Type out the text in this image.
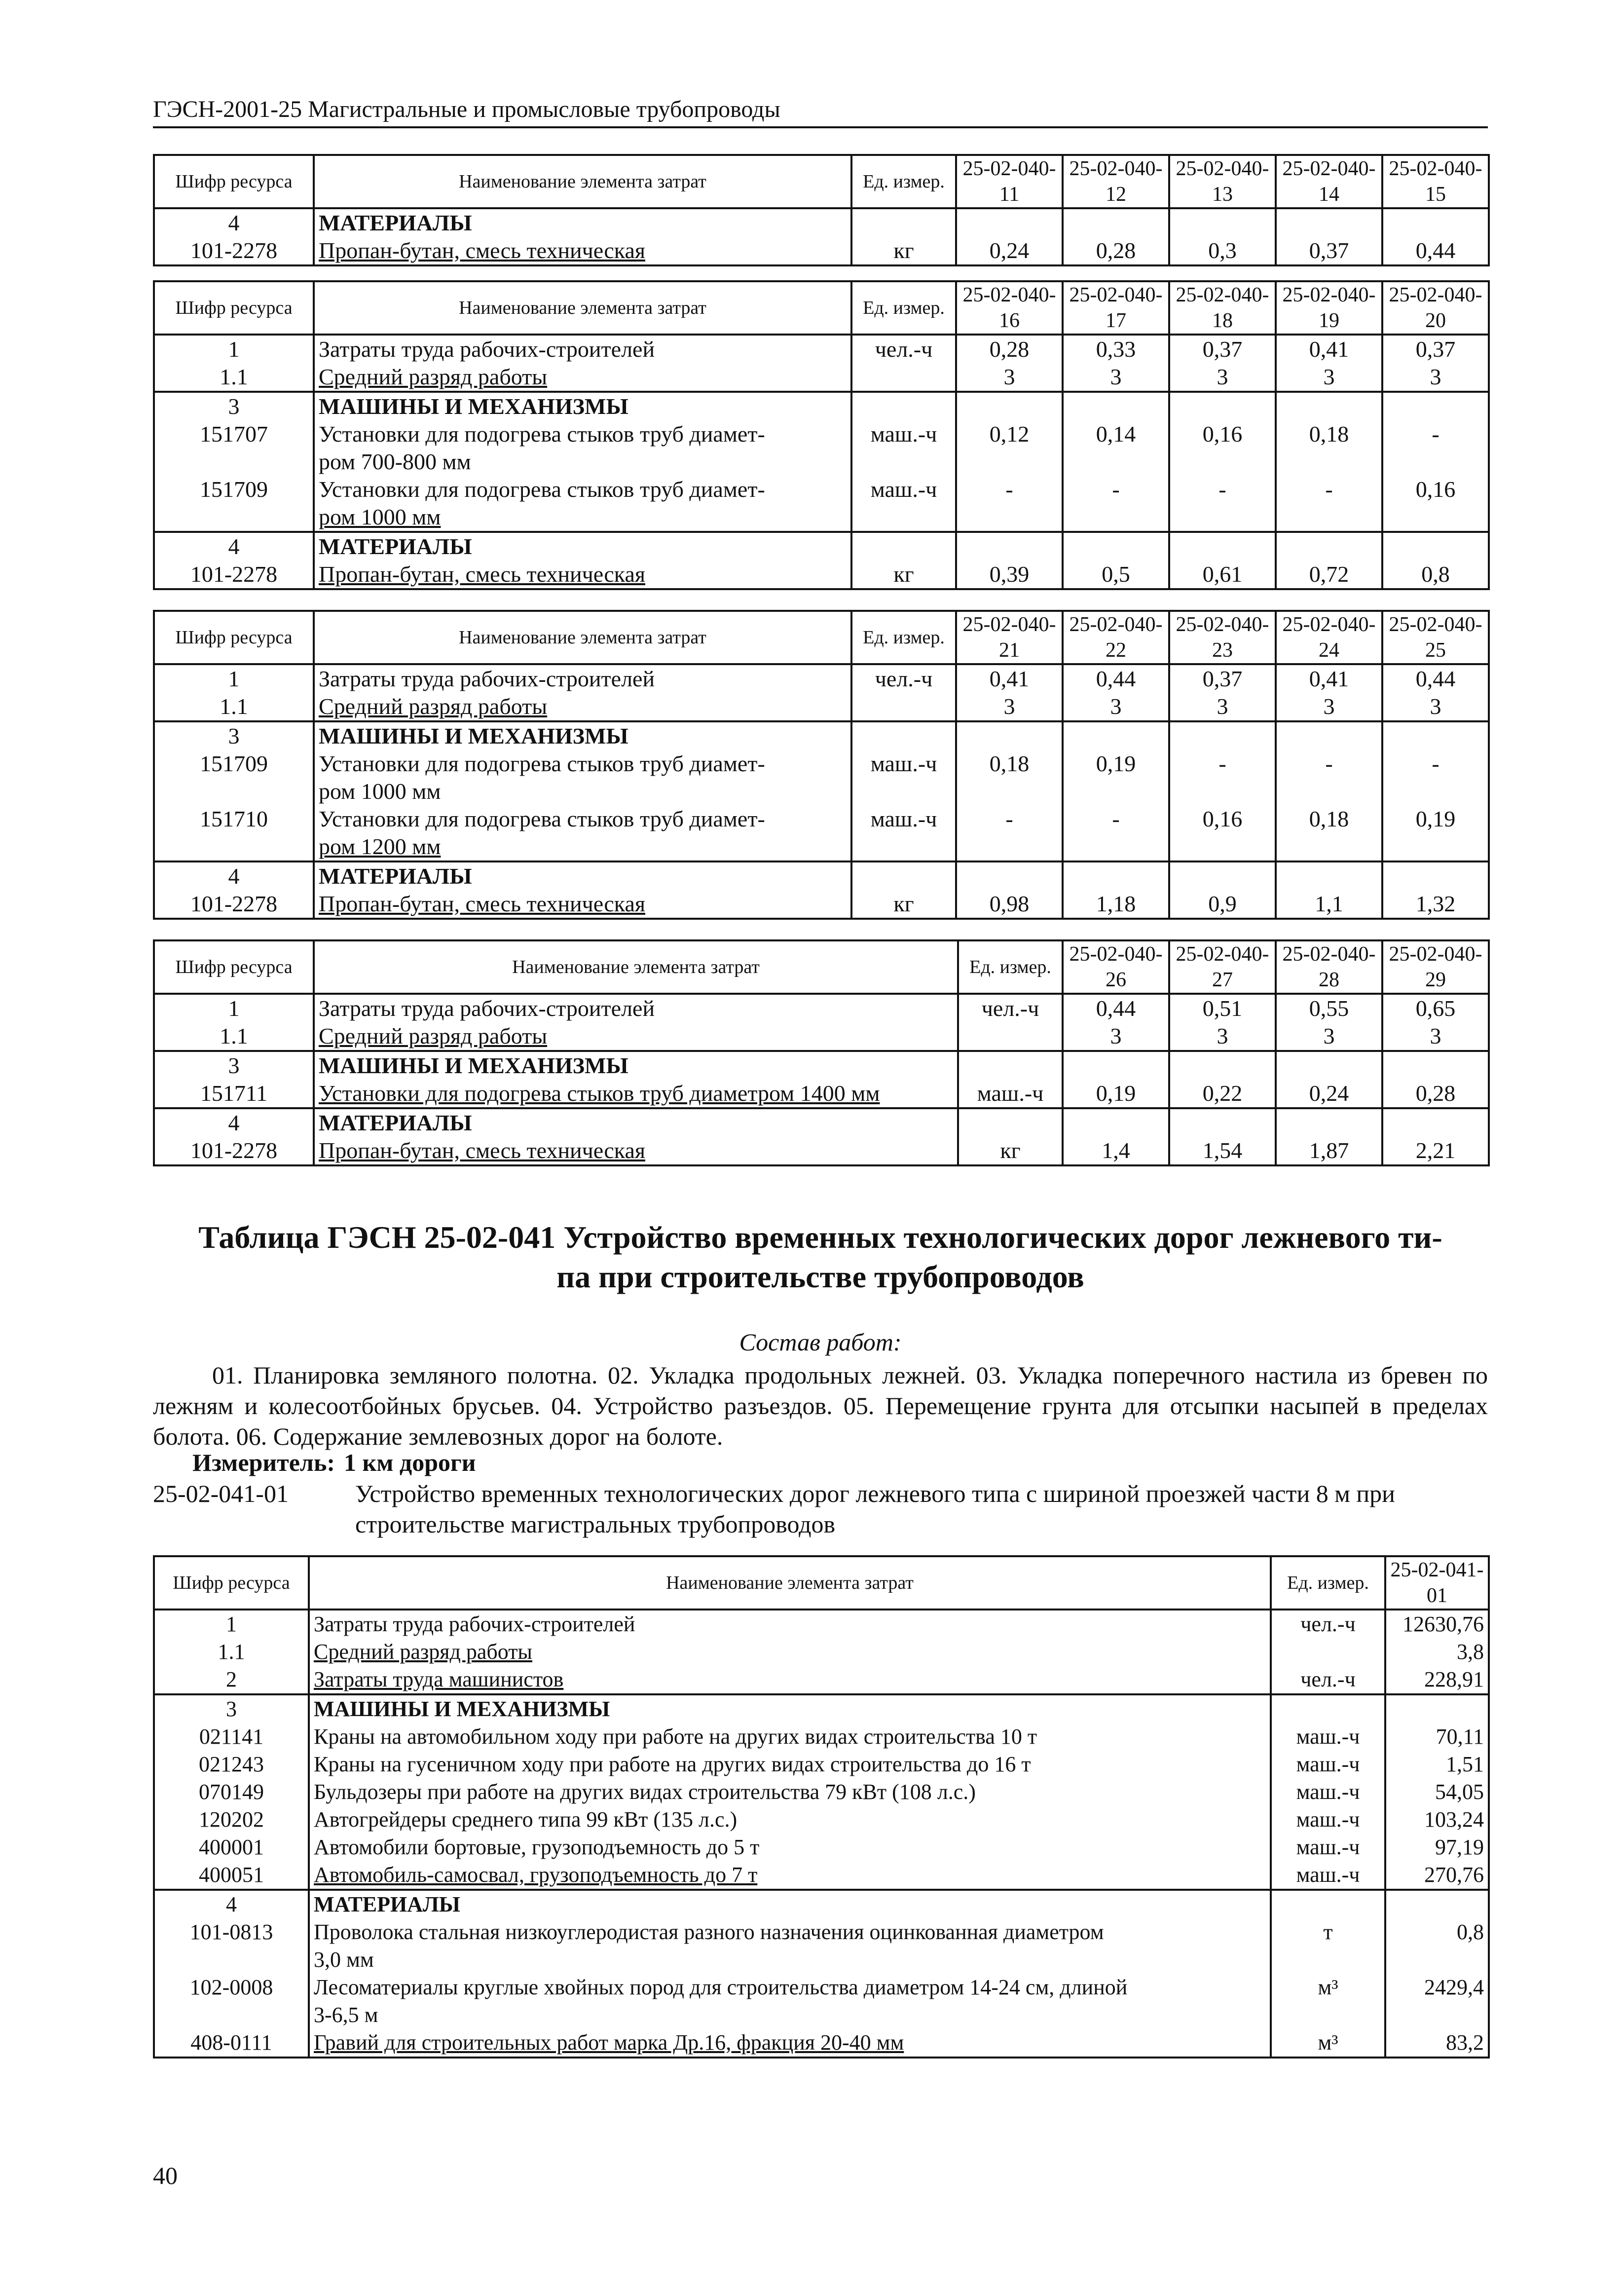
ГЭСН-2001-25 Магистральные и промысловые трубопроводы
Шифр ресурса	Наименование элемента затрат	Ед. измер.	25-02-040-11	25-02-040-12	25-02-040-13	25-02-040-14	25-02-040-15
4	МАТЕРИАЛЫ						
101-2278	Пропан-бутан, смесь техническая	кг	0,24	0,28	0,3	0,37	0,44
Шифр ресурса	Наименование элемента затрат	Ед. измер.	25-02-040-16	25-02-040-17	25-02-040-18	25-02-040-19	25-02-040-20
1	Затраты труда рабочих-строителей	чел.-ч	0,28	0,33	0,37	0,41	0,37
1.1	Средний разряд работы		3	3	3	3	3
3	МАШИНЫ И МЕХАНИЗМЫ						
151707	Установки для подогрева стыков труб диамет-	маш.-ч	0,12	0,14	0,16	0,18	-
	ром 700-800 мм						
151709	Установки для подогрева стыков труб диамет-	маш.-ч	-	-	-	-	0,16
	ром 1000 мм						
4	МАТЕРИАЛЫ						
101-2278	Пропан-бутан, смесь техническая	кг	0,39	0,5	0,61	0,72	0,8
Шифр ресурса	Наименование элемента затрат	Ед. измер.	25-02-040-21	25-02-040-22	25-02-040-23	25-02-040-24	25-02-040-25
1	Затраты труда рабочих-строителей	чел.-ч	0,41	0,44	0,37	0,41	0,44
1.1	Средний разряд работы		3	3	3	3	3
3	МАШИНЫ И МЕХАНИЗМЫ						
151709	Установки для подогрева стыков труб диамет-	маш.-ч	0,18	0,19	-	-	-
	ром 1000 мм						
151710	Установки для подогрева стыков труб диамет-	маш.-ч	-	-	0,16	0,18	0,19
	ром 1200 мм						
4	МАТЕРИАЛЫ						
101-2278	Пропан-бутан, смесь техническая	кг	0,98	1,18	0,9	1,1	1,32
Шифр ресурса	Наименование элемента затрат	Ед. измер.	25-02-040-26	25-02-040-27	25-02-040-28	25-02-040-29
1	Затраты труда рабочих-строителей	чел.-ч	0,44	0,51	0,55	0,65
1.1	Средний разряд работы		3	3	3	3
3	МАШИНЫ И МЕХАНИЗМЫ					
151711	Установки для подогрева стыков труб диаметром 1400 мм	маш.-ч	0,19	0,22	0,24	0,28
4	МАТЕРИАЛЫ					
101-2278	Пропан-бутан, смесь техническая	кг	1,4	1,54	1,87	2,21
Таблица ГЭСН 25-02-041 Устройство временных технологических дорог лежневого ти-
па при строительстве трубопроводов
Состав работ:
01. Планировка земляного полотна. 02. Укладка продольных лежней. 03. Укладка поперечного настила из бревен по лежням и колесоотбойных брусьев. 04. Устройство разъездов. 05. Перемещение грунта для отсыпки насыпей в пределах болота. 06. Содержание землевозных дорог на болоте.
Измеритель: 1 км дороги
25-02-041-01	Устройство временных технологических дорог лежневого типа с шириной проезжей части 8 м при строительстве магистральных трубопроводов
Шифр ресурса	Наименование элемента затрат	Ед. измер.	25-02-041-01
1	Затраты труда рабочих-строителей	чел.-ч	12630,76
1.1	Средний разряд работы		3,8
2	Затраты труда машинистов	чел.-ч	228,91
3	МАШИНЫ И МЕХАНИЗМЫ		
021141	Краны на автомобильном ходу при работе на других видах строительства 10 т	маш.-ч	70,11
021243	Краны на гусеничном ходу при работе на других видах строительства до 16 т	маш.-ч	1,51
070149	Бульдозеры при работе на других видах строительства 79 кВт (108 л.с.)	маш.-ч	54,05
120202	Автогрейдеры среднего типа 99 кВт (135 л.с.)	маш.-ч	103,24
400001	Автомобили бортовые, грузоподъемность до 5 т	маш.-ч	97,19
400051	Автомобиль-самосвал, грузоподъемность до 7 т	маш.-ч	270,76
4	МАТЕРИАЛЫ		
101-0813	Проволока стальная низкоуглеродистая разного назначения оцинкованная диаметром	т	0,8
	3,0 мм		
102-0008	Лесоматериалы круглые хвойных пород для строительства диаметром 14-24 см, длиной	м³	2429,4
	3-6,5 м		
408-0111	Гравий для строительных работ марка Др.16, фракция 20-40 мм	м³	83,2
40
